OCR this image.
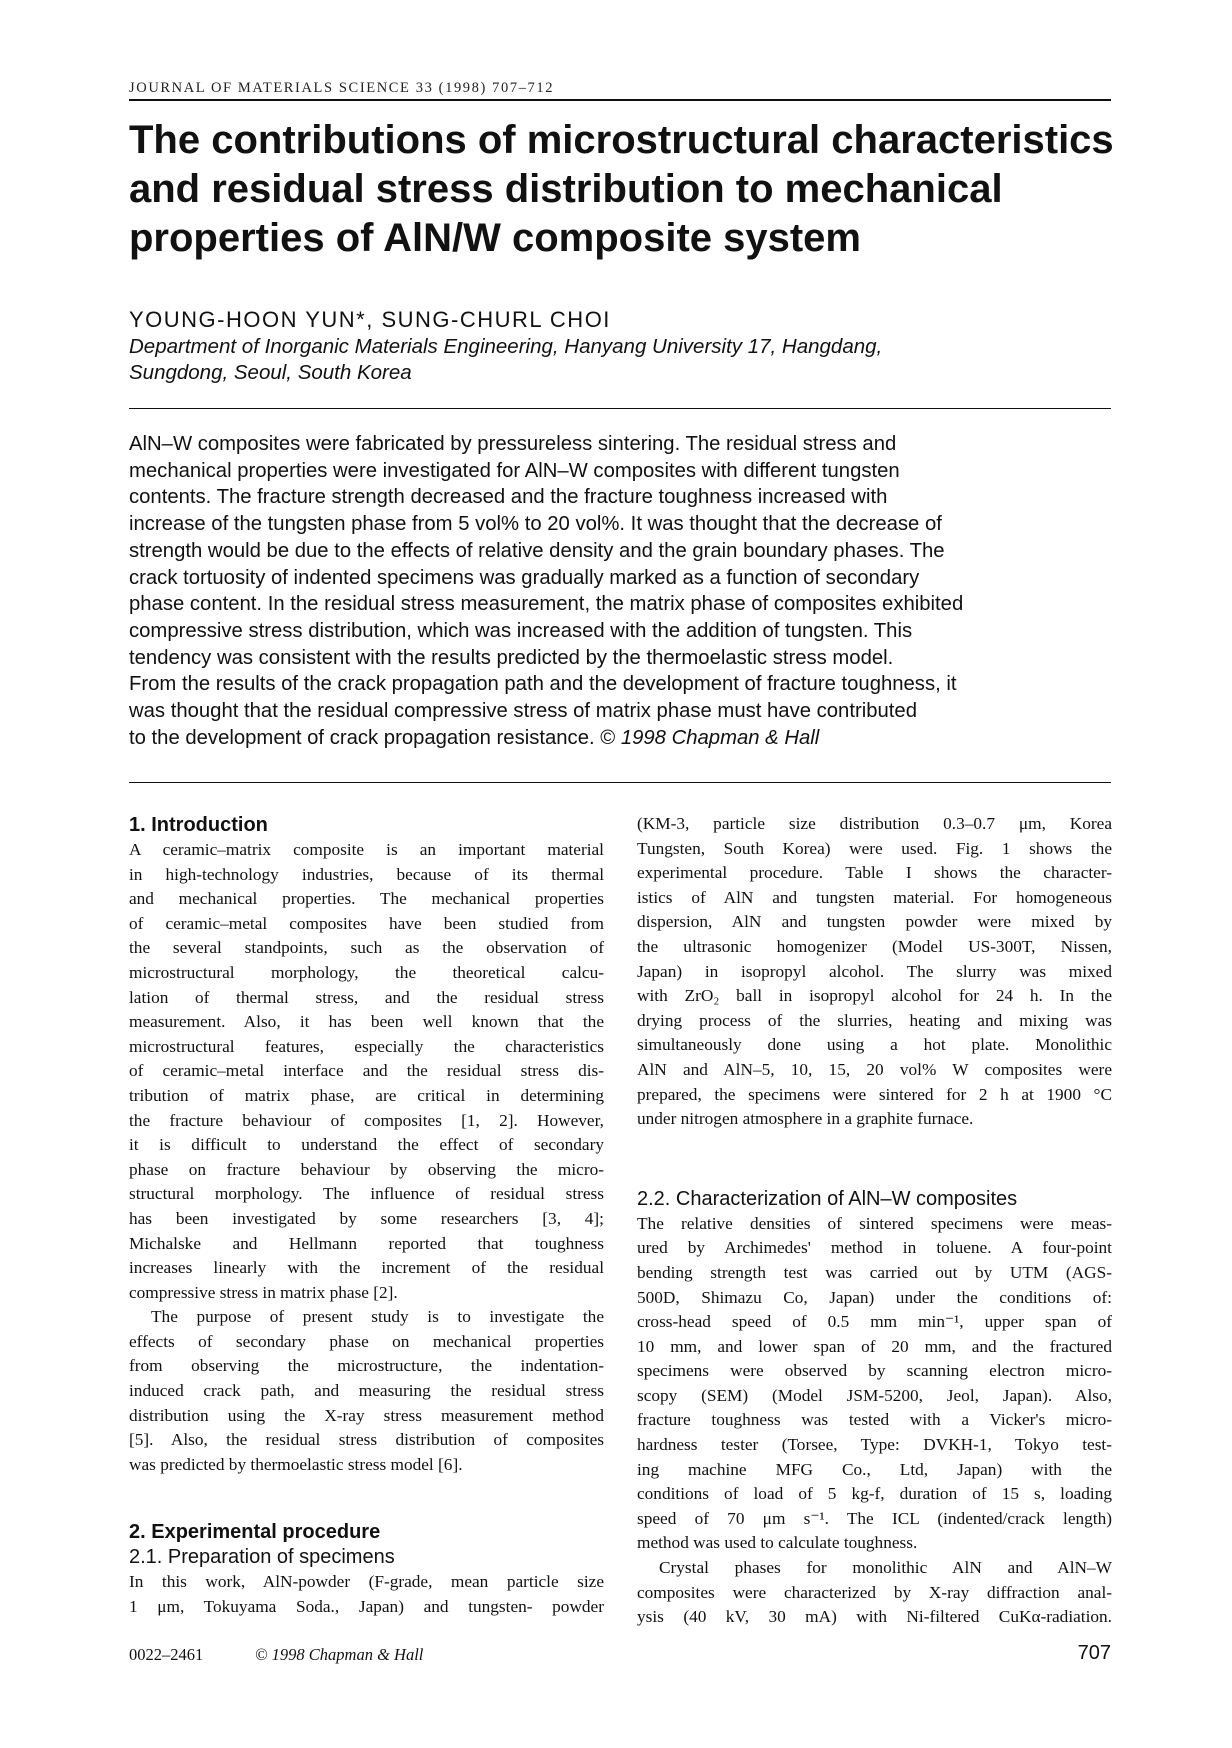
JOURNAL OF MATERIALS SCIENCE 33 (1998) 707–712
The contributions of microstructural characteristics
and residual stress distribution to mechanical
properties of AlN/W composite system
YOUNG-HOON YUN*, SUNG-CHURL CHOI
Department of Inorganic Materials Engineering, Hanyang University 17, Hangdang,
Sungdong, Seoul, South Korea
AlN–W composites were fabricated by pressureless sintering. The residual stress and
mechanical properties were investigated for AlN–W composites with different tungsten
contents. The fracture strength decreased and the fracture toughness increased with
increase of the tungsten phase from 5 vol% to 20 vol%. It was thought that the decrease of
strength would be due to the effects of relative density and the grain boundary phases. The
crack tortuosity of indented specimens was gradually marked as a function of secondary
phase content. In the residual stress measurement, the matrix phase of composites exhibited
compressive stress distribution, which was increased with the addition of tungsten. This
tendency was consistent with the results predicted by the thermoelastic stress model.
From the results of the crack propagation path and the development of fracture toughness, it
was thought that the residual compressive stress of matrix phase must have contributed
to the development of crack propagation resistance. © 1998 Chapman & Hall
1. Introduction
A ceramic–matrix composite is an important material
in high-technology industries, because of its thermal
and mechanical properties. The mechanical properties
of ceramic–metal composites have been studied from
the several standpoints, such as the observation of
microstructural morphology, the theoretical calcu-
lation of thermal stress, and the residual stress
measurement. Also, it has been well known that the
microstructural features, especially the characteristics
of ceramic–metal interface and the residual stress dis-
tribution of matrix phase, are critical in determining
the fracture behaviour of composites [1, 2]. However,
it is difficult to understand the effect of secondary
phase on fracture behaviour by observing the micro-
structural morphology. The influence of residual stress
has been investigated by some researchers [3, 4];
Michalske and Hellmann reported that toughness
increases linearly with the increment of the residual
compressive stress in matrix phase [2].
The purpose of present study is to investigate the
effects of secondary phase on mechanical properties
from observing the microstructure, the indentation-
induced crack path, and measuring the residual stress
distribution using the X-ray stress measurement method
[5]. Also, the residual stress distribution of composites
was predicted by thermoelastic stress model [6].
2. Experimental procedure
2.1. Preparation of specimens
In this work, AlN-powder (F-grade, mean particle size
1 μm, Tokuyama Soda., Japan) and tungsten- powder
(KM-3, particle size distribution 0.3–0.7 μm, Korea
Tungsten, South Korea) were used. Fig. 1 shows the
experimental procedure. Table I shows the character-
istics of AlN and tungsten material. For homogeneous
dispersion, AlN and tungsten powder were mixed by
the ultrasonic homogenizer (Model US-300T, Nissen,
Japan) in isopropyl alcohol. The slurry was mixed
with ZrO₂ ball in isopropyl alcohol for 24 h. In the
drying process of the slurries, heating and mixing was
simultaneously done using a hot plate. Monolithic
AlN and AlN–5, 10, 15, 20 vol% W composites were
prepared, the specimens were sintered for 2 h at 1900 °C
under nitrogen atmosphere in a graphite furnace.
2.2. Characterization of AlN–W composites
The relative densities of sintered specimens were meas-
ured by Archimedes' method in toluene. A four-point
bending strength test was carried out by UTM (AGS-
500D, Shimazu Co, Japan) under the conditions of:
cross-head speed of 0.5 mm min⁻¹, upper span of
10 mm, and lower span of 20 mm, and the fractured
specimens were observed by scanning electron micro-
scopy (SEM) (Model JSM-5200, Jeol, Japan). Also,
fracture toughness was tested with a Vicker's micro-
hardness tester (Torsee, Type: DVKH-1, Tokyo test-
ing machine MFG Co., Ltd, Japan) with the
conditions of load of 5 kg-f, duration of 15 s, loading
speed of 70 μm s⁻¹. The ICL (indented/crack length)
method was used to calculate toughness.
Crystal phases for monolithic AlN and AlN–W
composites were characterized by X-ray diffraction anal-
ysis (40 kV, 30 mA) with Ni-filtered CuKα-radiation.
0022–2461	© 1998 Chapman & Hall	707
